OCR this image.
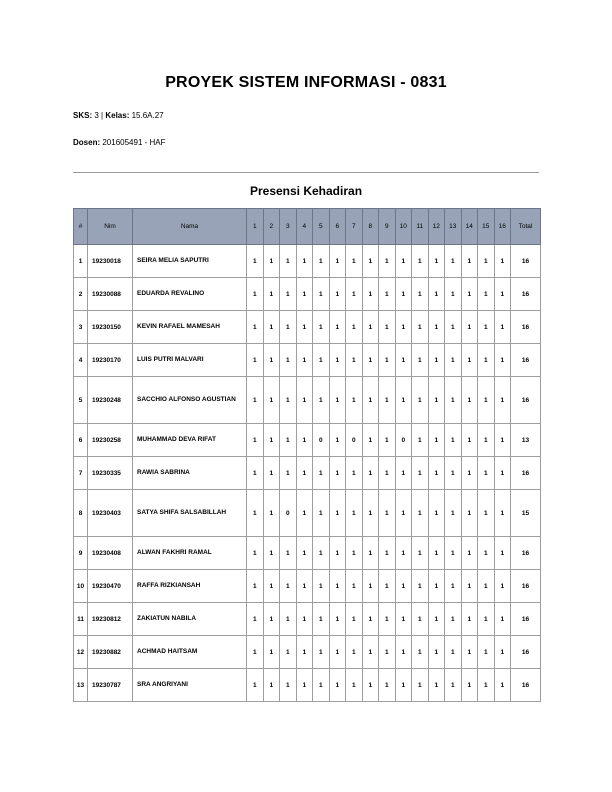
PROYEK SISTEM INFORMASI - 0831
SKS: 3 | Kelas: 15.6A.27
Dosen: 201605491 - HAF
Presensi Kehadiran
#	Nim	Nama	1	2	3	4	5	6	7	8	9	10	11	12	13	14	15	16	Total
1	19230018	SEIRA MELIA SAPUTRI	1	1	1	1	1	1	1	1	1	1	1	1	1	1	1	1	16
2	19230088	EDUARDA REVALINO	1	1	1	1	1	1	1	1	1	1	1	1	1	1	1	1	16
3	19230150	KEVIN RAFAEL MAMESAH	1	1	1	1	1	1	1	1	1	1	1	1	1	1	1	1	16
4	19230170	LUIS PUTRI MALVARI	1	1	1	1	1	1	1	1	1	1	1	1	1	1	1	1	16
5	19230248	SACCHIO ALFONSO AGUSTIAN	1	1	1	1	1	1	1	1	1	1	1	1	1	1	1	1	16
6	19230258	MUHAMMAD DEVA RIFAT	1	1	1	1	0	1	0	1	1	0	1	1	1	1	1	1	13
7	19230335	RAWIA SABRINA	1	1	1	1	1	1	1	1	1	1	1	1	1	1	1	1	16
8	19230403	SATYA SHIFA SALSABILLAH	1	1	0	1	1	1	1	1	1	1	1	1	1	1	1	1	15
9	19230408	ALWAN FAKHRI RAMAL	1	1	1	1	1	1	1	1	1	1	1	1	1	1	1	1	16
10	19230470	RAFFA RIZKIANSAH	1	1	1	1	1	1	1	1	1	1	1	1	1	1	1	1	16
11	19230812	ZAKIATUN NABILA	1	1	1	1	1	1	1	1	1	1	1	1	1	1	1	1	16
12	19230882	ACHMAD HAITSAM	1	1	1	1	1	1	1	1	1	1	1	1	1	1	1	1	16
13	19230787	SRA ANGRIYANI	1	1	1	1	1	1	1	1	1	1	1	1	1	1	1	1	16
